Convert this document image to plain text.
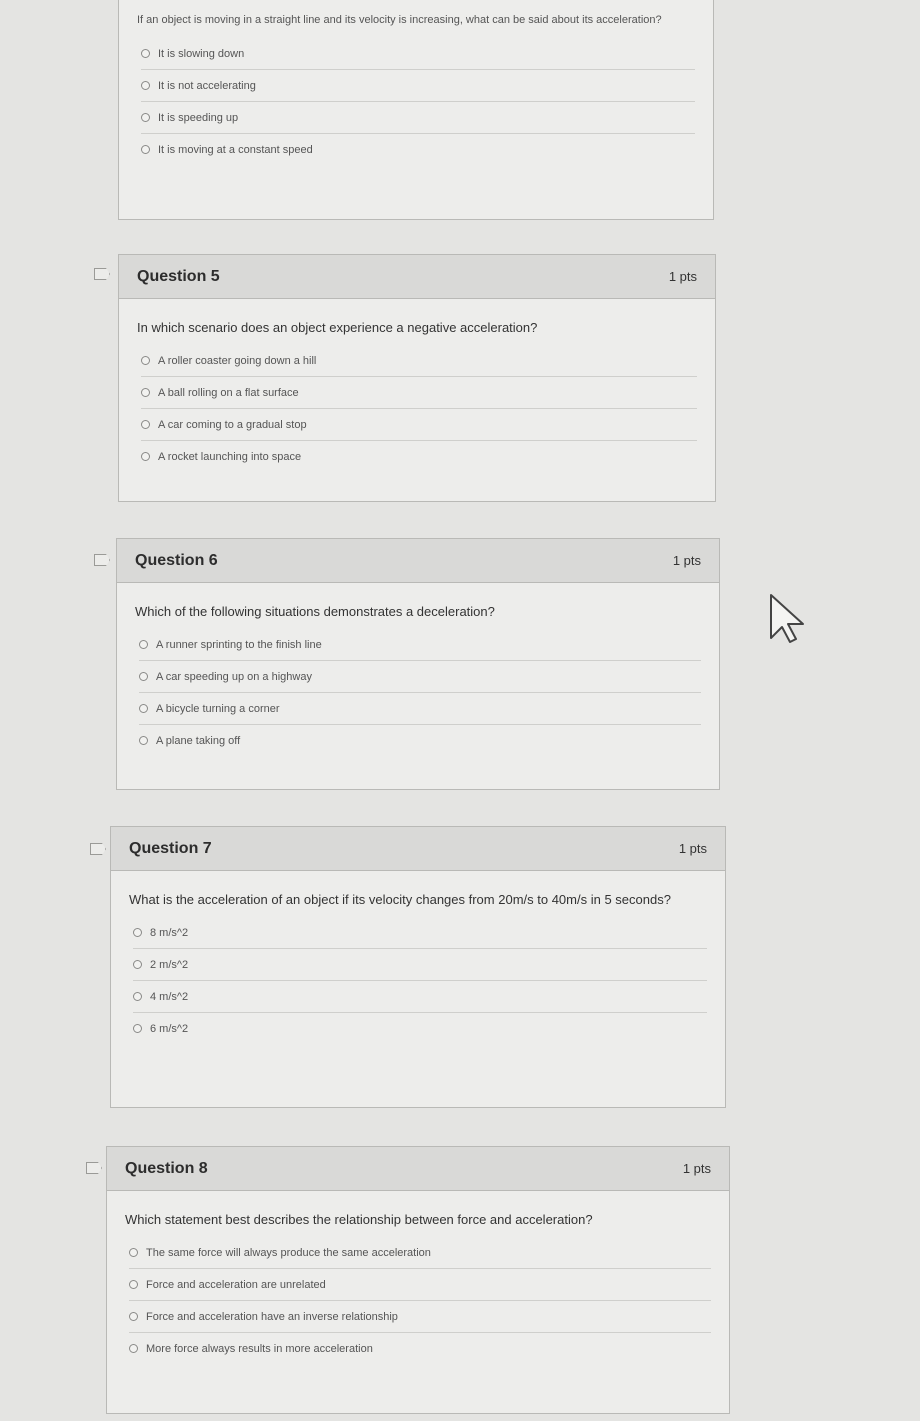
If an object is moving in a straight line and its velocity is increasing, what can be said about its acceleration?
It is slowing down
It is not accelerating
It is speeding up
It is moving at a constant speed
Question 5	1 pts
In which scenario does an object experience a negative acceleration?
A roller coaster going down a hill
A ball rolling on a flat surface
A car coming to a gradual stop
A rocket launching into space
Question 6	1 pts
Which of the following situations demonstrates a deceleration?
A runner sprinting to the finish line
A car speeding up on a highway
A bicycle turning a corner
A plane taking off
Question 7	1 pts
What is the acceleration of an object if its velocity changes from 20m/s to 40m/s in 5 seconds?
8 m/s^2
2 m/s^2
4 m/s^2
6 m/s^2
Question 8	1 pts
Which statement best describes the relationship between force and acceleration?
The same force will always produce the same acceleration
Force and acceleration are unrelated
Force and acceleration have an inverse relationship
More force always results in more acceleration
